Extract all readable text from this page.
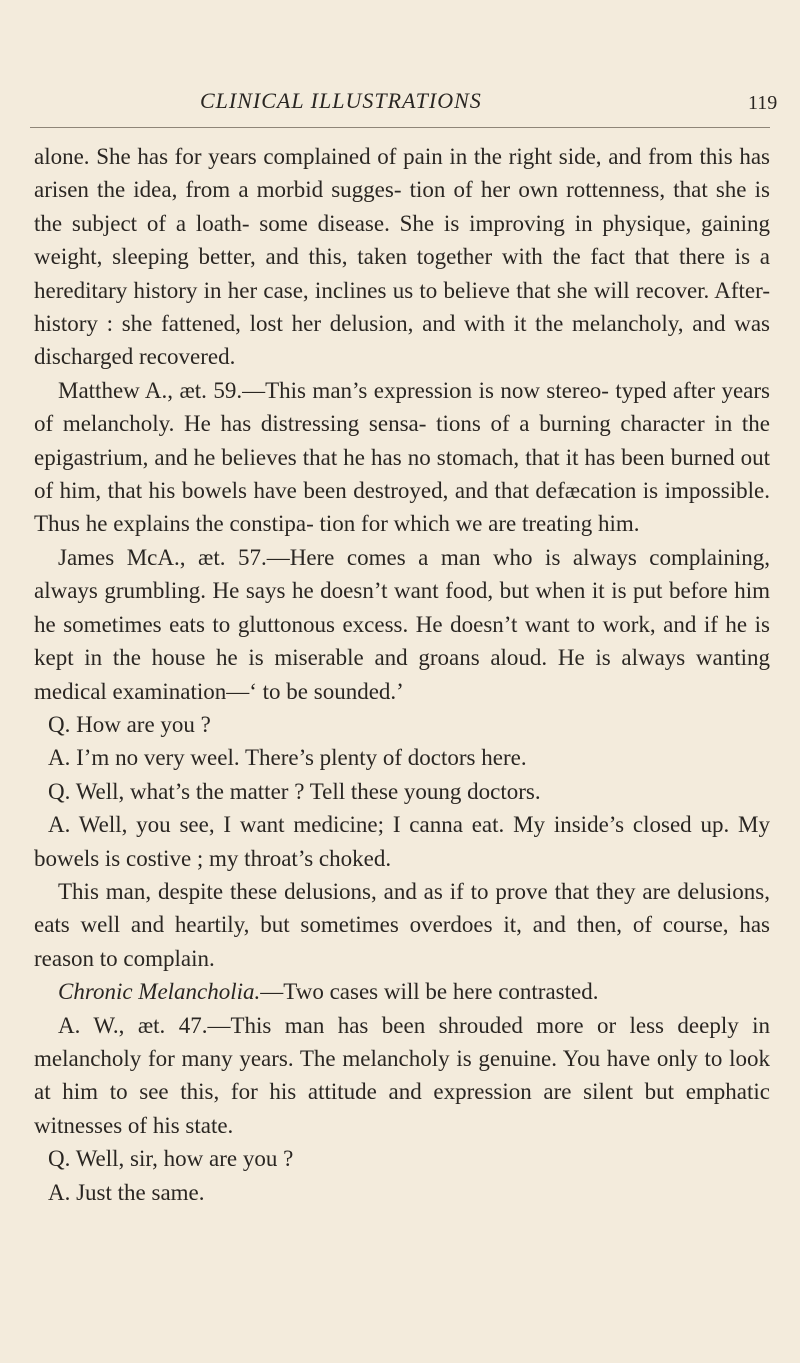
CLINICAL ILLUSTRATIONS	119

alone. She has for years complained of pain in the right side, and from this has arisen the idea, from a morbid sugges- tion of her own rottenness, that she is the subject of a loath- some disease. She is improving in physique, gaining weight, sleeping better, and this, taken together with the fact that there is a hereditary history in her case, inclines us to believe that she will recover. After-history : she fattened, lost her delusion, and with it the melancholy, and was discharged recovered.

Matthew A., æt. 59.—This man’s expression is now stereo- typed after years of melancholy. He has distressing sensa- tions of a burning character in the epigastrium, and he believes that he has no stomach, that it has been burned out of him, that his bowels have been destroyed, and that defæcation is impossible. Thus he explains the constipa- tion for which we are treating him.

James McA., æt. 57.—Here comes a man who is always complaining, always grumbling. He says he doesn’t want food, but when it is put before him he sometimes eats to gluttonous excess. He doesn’t want to work, and if he is kept in the house he is miserable and groans aloud. He is always wanting medical examination—‘ to be sounded.’

Q. How are you ?

A. I’m no very weel. There’s plenty of doctors here.

Q. Well, what’s the matter ? Tell these young doctors.

A. Well, you see, I want medicine; I canna eat. My inside’s closed up. My bowels is costive ; my throat’s choked.

This man, despite these delusions, and as if to prove that they are delusions, eats well and heartily, but sometimes overdoes it, and then, of course, has reason to complain.

Chronic Melancholia.—Two cases will be here contrasted.

A. W., æt. 47.—This man has been shrouded more or less deeply in melancholy for many years. The melancholy is genuine. You have only to look at him to see this, for his attitude and expression are silent but emphatic witnesses of his state.

Q. Well, sir, how are you ?

A. Just the same.
